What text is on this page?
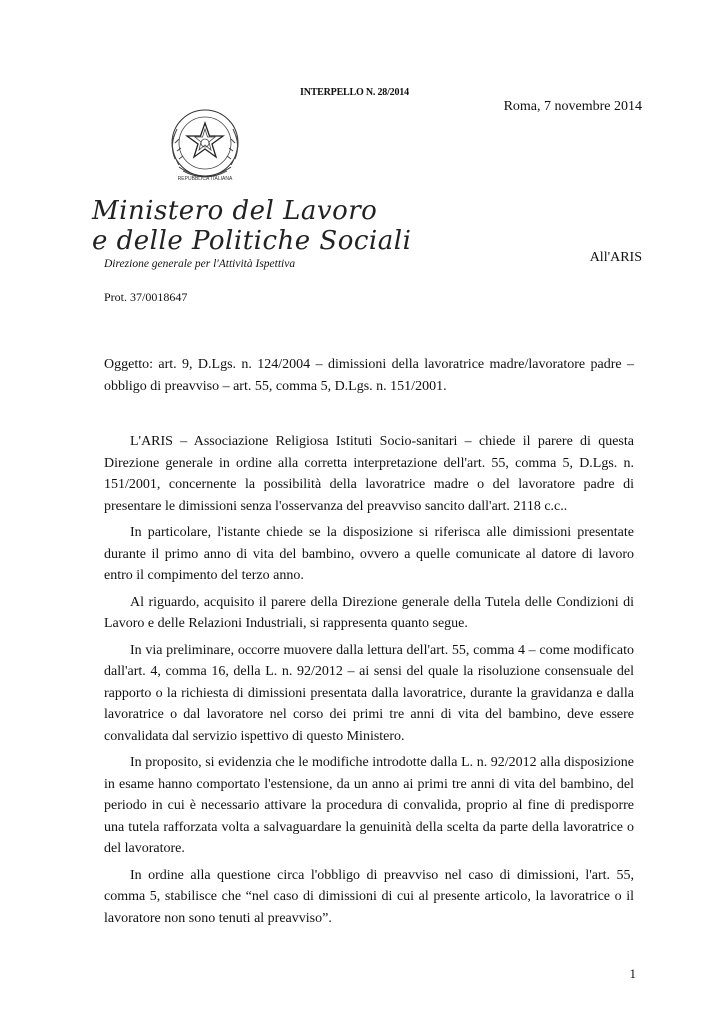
INTERPELLO N. 28/2014
Roma, 7 novembre 2014
REPUBBLICA ITALIANA
Ministero del Lavoro
e delle Politiche Sociali
Direzione generale per l'Attività Ispettiva	All'ARIS
Prot. 37/0018647

Oggetto: art. 9, D.Lgs. n. 124/2004 – dimissioni della lavoratrice madre/lavoratore padre – obbligo di preavviso – art. 55, comma 5, D.Lgs. n. 151/2001.

L'ARIS – Associazione Religiosa Istituti Socio-sanitari – chiede il parere di questa Direzione generale in ordine alla corretta interpretazione dell'art. 55, comma 5, D.Lgs. n. 151/2001, concernente la possibilità della lavoratrice madre o del lavoratore padre di presentare le dimissioni senza l'osservanza del preavviso sancito dall'art. 2118 c.c..

In particolare, l'istante chiede se la disposizione si riferisca alle dimissioni presentate durante il primo anno di vita del bambino, ovvero a quelle comunicate al datore di lavoro entro il compimento del terzo anno.

Al riguardo, acquisito il parere della Direzione generale della Tutela delle Condizioni di Lavoro e delle Relazioni Industriali, si rappresenta quanto segue.

In via preliminare, occorre muovere dalla lettura dell'art. 55, comma 4 – come modificato dall'art. 4, comma 16, della L. n. 92/2012 – ai sensi del quale la risoluzione consensuale del rapporto o la richiesta di dimissioni presentata dalla lavoratrice, durante la gravidanza e dalla lavoratrice o dal lavoratore nel corso dei primi tre anni di vita del bambino, deve essere convalidata dal servizio ispettivo di questo Ministero.

In proposito, si evidenzia che le modifiche introdotte dalla L. n. 92/2012 alla disposizione in esame hanno comportato l'estensione, da un anno ai primi tre anni di vita del bambino, del periodo in cui è necessario attivare la procedura di convalida, proprio al fine di predisporre una tutela rafforzata volta a salvaguardare la genuinità della scelta da parte della lavoratrice o del lavoratore.

In ordine alla questione circa l'obbligo di preavviso nel caso di dimissioni, l'art. 55, comma 5, stabilisce che “nel caso di dimissioni di cui al presente articolo, la lavoratrice o il lavoratore non sono tenuti al preavviso”.

1
